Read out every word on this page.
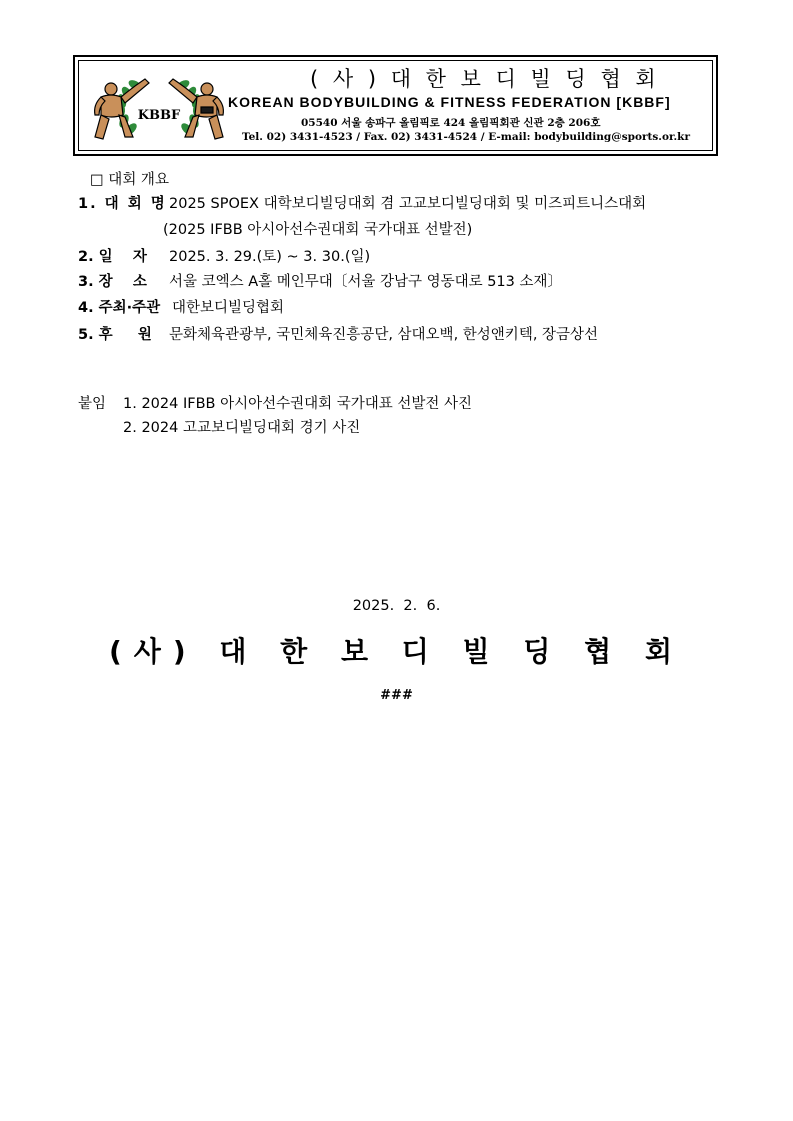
KBBF
( 사 ) 대 한 보 디 빌 딩 협 회
KOREAN BODYBUILDING & FITNESS FEDERATION [KBBF]
05540 서울 송파구 올림픽로 424 올림픽회관 신관 2층 206호
Tel. 02) 3431-4523 / Fax. 02) 3431-4524 / E-mail: bodybuilding@sports.or.kr
□ 대회 개요
1. 대 회 명 2025 SPOEX 대학보디빌딩대회 겸 고교보디빌딩대회 및 미즈피트니스대회
(2025 IFBB 아시아선수권대회 국가대표 선발전)
2. 일    자 2025. 3. 29.(토) ~ 3. 30.(일)
3. 장    소 서울 코엑스 A홀 메인무대〔서울 강남구 영동대로 513 소재〕
4. 주최·주관 대한보디빌딩협회
5. 후     원 문화체육관광부, 국민체육진흥공단, 삼대오백, 한성앤키텍, 장금상선
붙임 1. 2024 IFBB 아시아선수권대회 국가대표 선발전 사진
2. 2024 고교보디빌딩대회 경기 사진
2025.  2.  6.
(사) 대 한 보 디 빌 딩 협 회
###
